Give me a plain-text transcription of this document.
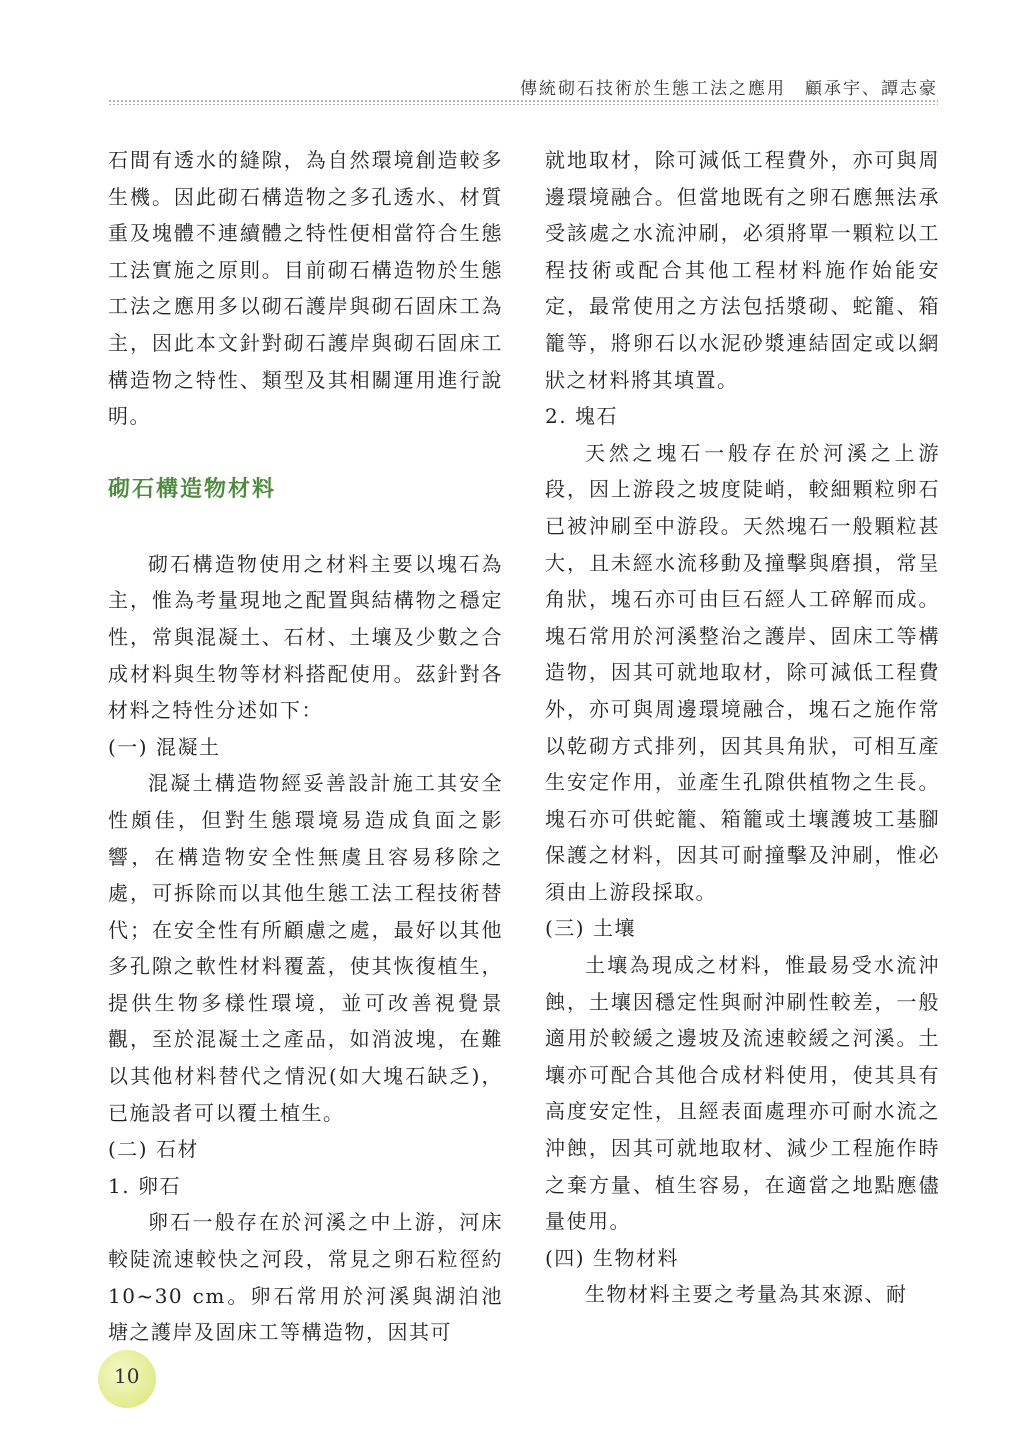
傳統砌石技術於生態工法之應用　顧承宇、譚志豪

石間有透水的縫隙，為自然環境創造較多生機。因此砌石構造物之多孔透水、材質重及塊體不連續體之特性便相當符合生態工法實施之原則。目前砌石構造物於生態工法之應用多以砌石護岸與砌石固床工為主，因此本文針對砌石護岸與砌石固床工構造物之特性、類型及其相關運用進行說明。

砌石構造物材料

砌石構造物使用之材料主要以塊石為主，惟為考量現地之配置與結構物之穩定性，常與混凝土、石材、土壤及少數之合成材料與生物等材料搭配使用。茲針對各材料之特性分述如下：

(一) 混凝土

混凝土構造物經妥善設計施工其安全性頗佳，但對生態環境易造成負面之影響，在構造物安全性無虞且容易移除之處，可拆除而以其他生態工法工程技術替代；在安全性有所顧慮之處，最好以其他多孔隙之軟性材料覆蓋，使其恢復植生，提供生物多樣性環境，並可改善視覺景觀，至於混凝土之產品，如消波塊，在難以其他材料替代之情況(如大塊石缺乏)，已施設者可以覆土植生。

(二) 石材
1. 卵石

卵石一般存在於河溪之中上游，河床較陡流速較快之河段，常見之卵石粒徑約 10~30 cm。卵石常用於河溪與湖泊池塘之護岸及固床工等構造物，因其可

就地取材，除可減低工程費外，亦可與周邊環境融合。但當地既有之卵石應無法承受該處之水流沖刷，必須將單一顆粒以工程技術或配合其他工程材料施作始能安定，最常使用之方法包括漿砌、蛇籠、箱籠等，將卵石以水泥砂漿連結固定或以網狀之材料將其填置。

2. 塊石

天然之塊石一般存在於河溪之上游段，因上游段之坡度陡峭，較細顆粒卵石已被沖刷至中游段。天然塊石一般顆粒甚大，且未經水流移動及撞擊與磨損，常呈角狀，塊石亦可由巨石經人工碎解而成。塊石常用於河溪整治之護岸、固床工等構造物，因其可就地取材，除可減低工程費外，亦可與周邊環境融合，塊石之施作常以乾砌方式排列，因其具角狀，可相互產生安定作用，並產生孔隙供植物之生長。塊石亦可供蛇籠、箱籠或土壤護坡工基腳保護之材料，因其可耐撞擊及沖刷，惟必須由上游段採取。

(三) 土壤

土壤為現成之材料，惟最易受水流沖蝕，土壤因穩定性與耐沖刷性較差，一般適用於較緩之邊坡及流速較緩之河溪。土壤亦可配合其他合成材料使用，使其具有高度安定性，且經表面處理亦可耐水流之沖蝕，因其可就地取材、減少工程施作時之棄方量、植生容易，在適當之地點應儘量使用。

(四) 生物材料

生物材料主要之考量為其來源、耐

10
